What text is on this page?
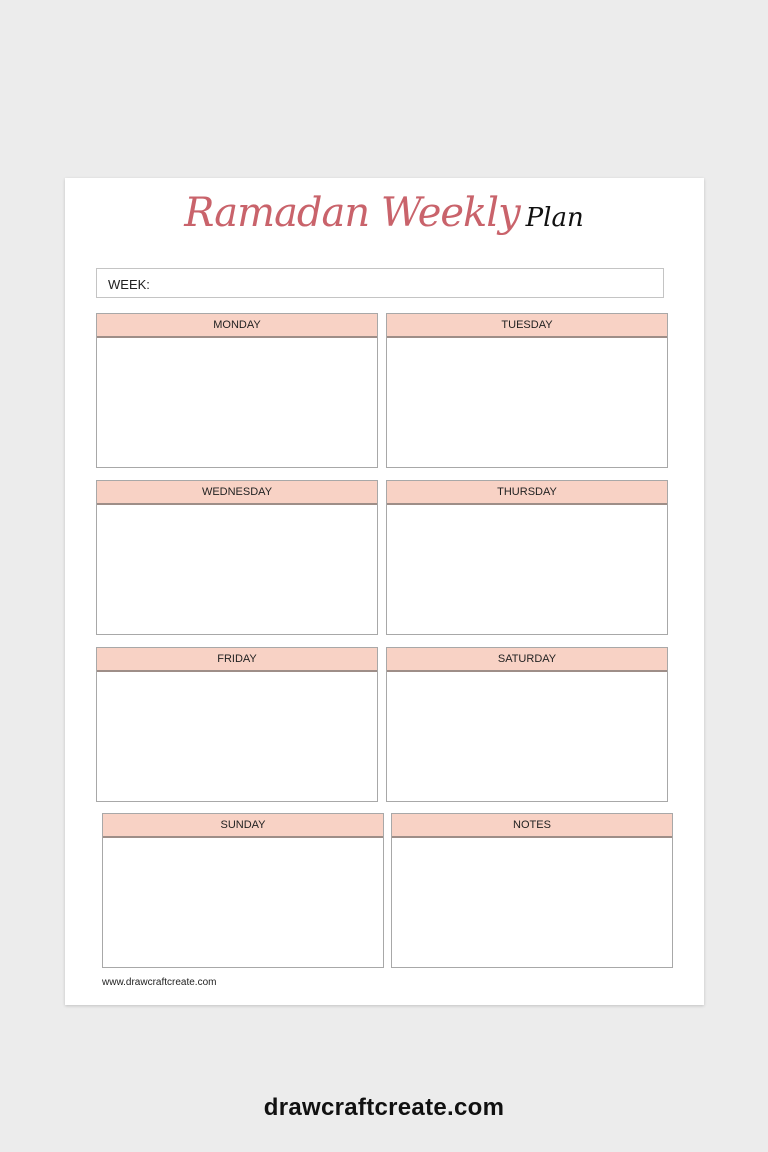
Ramadan Weekly Plan
WEEK:
MONDAY	TUESDAY
WEDNESDAY	THURSDAY
FRIDAY	SATURDAY
SUNDAY	NOTES
www.drawcraftcreate.com
drawcraftcreate.com
